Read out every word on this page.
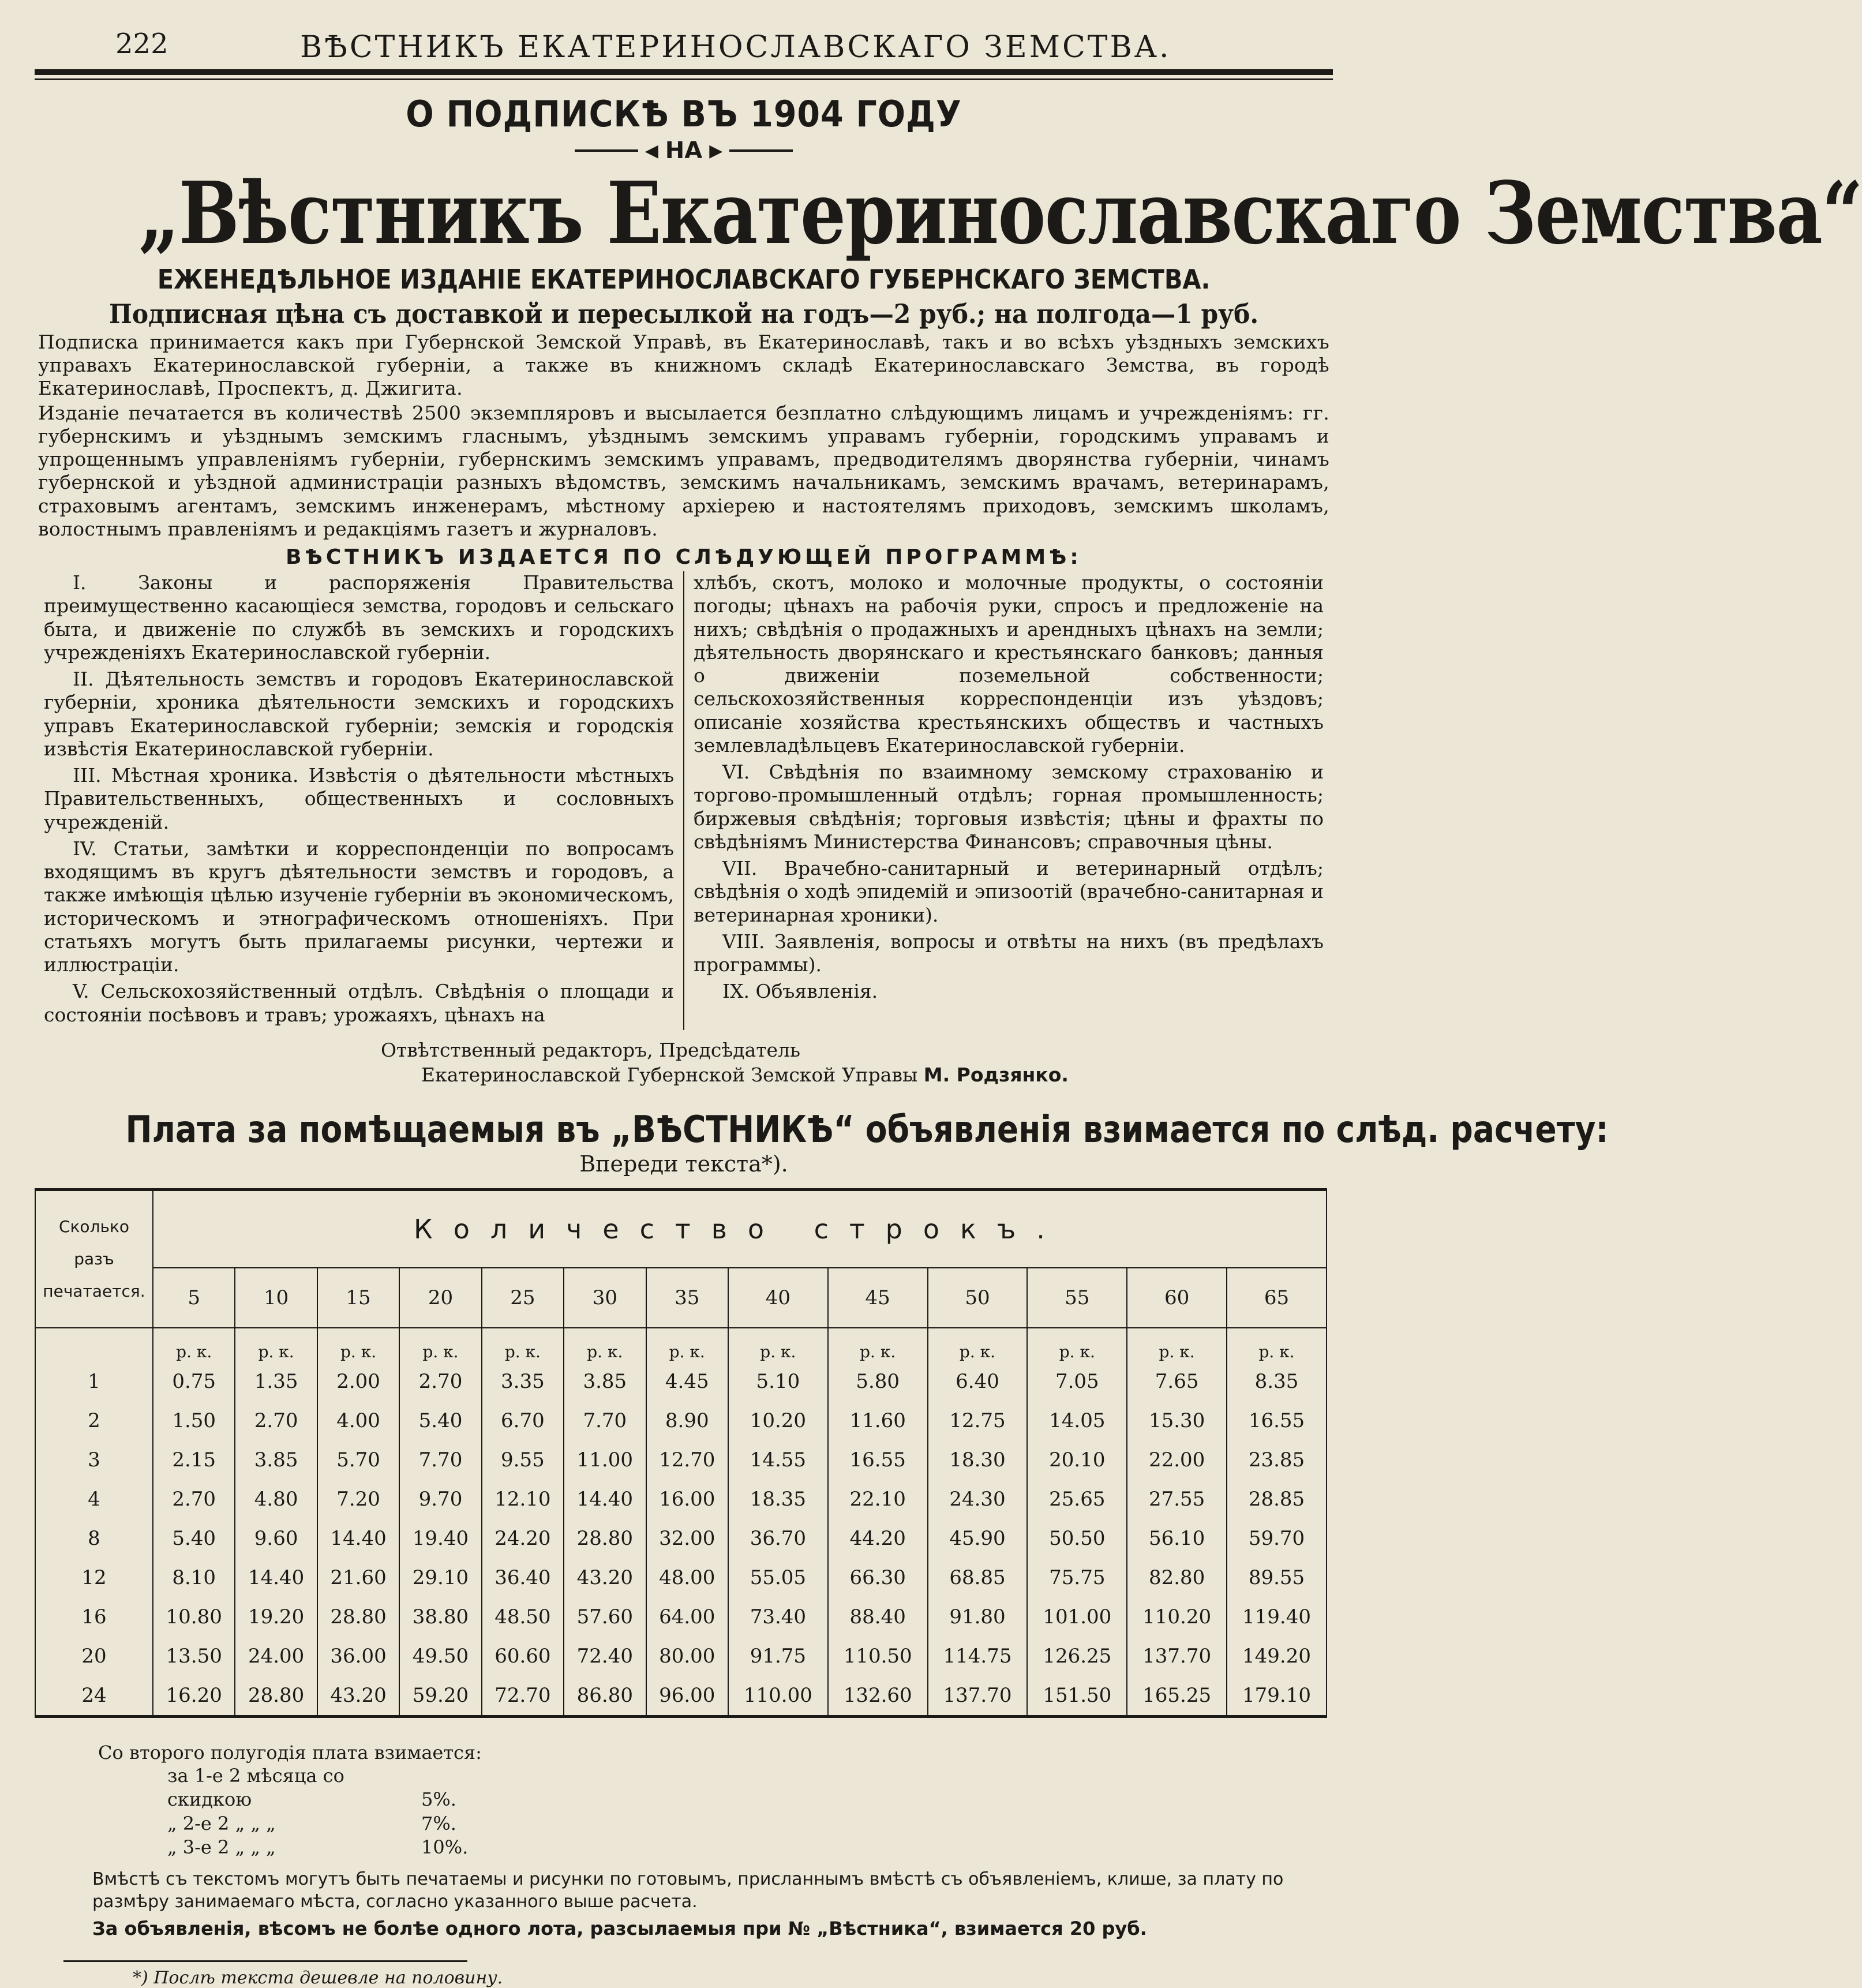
222	ВѢСТНИКЪ ЕКАТЕРИНОСЛАВСКАГО ЗЕМСТВА.
О ПОДПИСКѢ ВЪ 1904 ГОДУ
◀ НА ▶
„Вѣстникъ Екатеринославскаго Земства“
ЕЖЕНЕДѢЛЬНОЕ ИЗДАНІЕ ЕКАТЕРИНОСЛАВСКАГО ГУБЕРНСКАГО ЗЕМСТВА.
Подписная цѣна съ доставкой и пересылкой на годъ—2 руб.; на полгода—1 руб.
Подписка принимается какъ при Губернской Земской Управѣ, въ Екатеринославѣ, такъ и во всѣхъ уѣздныхъ земскихъ управахъ Екатеринославской губерніи, а также въ книжномъ складѣ Екатеринославскаго Земства, въ городѣ Екатеринославѣ, Проспектъ, д. Джигита.
Изданіе печатается въ количествѣ 2500 экземпляровъ и высылается безплатно слѣдующимъ лицамъ и учрежденіямъ: гг. губернскимъ и уѣзднымъ земскимъ гласнымъ, уѣзднымъ земскимъ управамъ губерніи, городскимъ управамъ и упрощеннымъ управленіямъ губерніи, губернскимъ земскимъ управамъ, предводителямъ дворянства губерніи, чинамъ губернской и уѣздной администраціи разныхъ вѣдомствъ, земскимъ начальникамъ, земскимъ врачамъ, ветеринарамъ, страховымъ агентамъ, земскимъ инженерамъ, мѣстному архіерею и настоятелямъ приходовъ, земскимъ школамъ, волостнымъ правленіямъ и редакціямъ газетъ и журналовъ.
ВѢСТНИКЪ ИЗДАЕТСЯ ПО СЛѢДУЮЩЕЙ ПРОГРАММѢ:

I. Законы и распоряженія Правительства преимущественно касающіеся земства, городовъ и сельскаго быта, и движеніе по службѣ въ земскихъ и городскихъ учрежденіяхъ Екатеринославской губерніи.

II. Дѣятельность земствъ и городовъ Екатеринославской губерніи, хроника дѣятельности земскихъ и городскихъ управъ Екатеринославской губерніи; земскія и городскія извѣстія Екатеринославской губерніи.

III. Мѣстная хроника. Извѣстія о дѣятельности мѣстныхъ Правительственныхъ, общественныхъ и сословныхъ учрежденій.

IV. Статьи, замѣтки и корреспонденціи по вопросамъ входящимъ въ кругъ дѣятельности земствъ и городовъ, а также имѣющія цѣлью изученіе губерніи въ экономическомъ, историческомъ и этнографическомъ отношеніяхъ. При статьяхъ могутъ быть прилагаемы рисунки, чертежи и иллюстраціи.

V. Сельскохозяйственный отдѣлъ. Свѣдѣнія о площади и состояніи посѣвовъ и травъ; урожаяхъ, цѣнахъ на

хлѣбъ, скотъ, молоко и молочные продукты, о состояніи погоды; цѣнахъ на рабочія руки, спросъ и предложеніе на нихъ; свѣдѣнія о продажныхъ и арендныхъ цѣнахъ на земли; дѣятельность дворянскаго и крестьянскаго банковъ; данныя о движеніи поземельной собственности; сельскохозяйственныя корреспонденціи изъ уѣздовъ; описаніе хозяйства крестьянскихъ обществъ и частныхъ землевладѣльцевъ Екатеринославской губерніи.

VI. Свѣдѣнія по взаимному земскому страхованію и торгово-промышленный отдѣлъ; горная промышленность; биржевыя свѣдѣнія; торговыя извѣстія; цѣны и фрахты по свѣдѣніямъ Министерства Финансовъ; справочныя цѣны.

VII. Врачебно-санитарный и ветеринарный отдѣлъ; свѣдѣнія о ходѣ эпидемій и эпизоотій (врачебно-санитарная и ветеринарная хроники).

VIII. Заявленія, вопросы и отвѣты на нихъ (въ предѣлахъ программы).

IX. Объявленія.

Отвѣтственный редакторъ, Предсѣдатель
Екатеринославской Губернской Земской Управы М. Родзянко.
Плата за помѣщаемыя въ „ВѢСТНИКѢ“ объявленія взимается по слѣд. расчету:
Впереди текста*).
Сколько разъ печатается.	Количество строкъ.												
	5	10	15	20	25	30	35	40	45	50	55	60	65
	р. к.	р. к.	р. к.	р. к.	р. к.	р. к.	р. к.	р. к.	р. к.	р. к.	р. к.	р. к.	р. к.
1	0.75	1.35	2.00	2.70	3.35	3.85	4.45	5.10	5.80	6.40	7.05	7.65	8.35
2	1.50	2.70	4.00	5.40	6.70	7.70	8.90	10.20	11.60	12.75	14.05	15.30	16.55
3	2.15	3.85	5.70	7.70	9.55	11.00	12.70	14.55	16.55	18.30	20.10	22.00	23.85
4	2.70	4.80	7.20	9.70	12.10	14.40	16.00	18.35	22.10	24.30	25.65	27.55	28.85
8	5.40	9.60	14.40	19.40	24.20	28.80	32.00	36.70	44.20	45.90	50.50	56.10	59.70
12	8.10	14.40	21.60	29.10	36.40	43.20	48.00	55.05	66.30	68.85	75.75	82.80	89.55
16	10.80	19.20	28.80	38.80	48.50	57.60	64.00	73.40	88.40	91.80	101.00	110.20	119.40
20	13.50	24.00	36.00	49.50	60.60	72.40	80.00	91.75	110.50	114.75	126.25	137.70	149.20
24	16.20	28.80	43.20	59.20	72.70	86.80	96.00	110.00	132.60	137.70	151.50	165.25	179.10
Со второго полугодія плата взимается:
за 1-е 2 мѣсяца со скидкою	5%.
„ 2-е 2 „ „ „	7%.
„ 3-е 2 „ „ „	10%.
Вмѣстѣ съ текстомъ могутъ быть печатаемы и рисунки по готовымъ, присланнымъ вмѣстѣ съ объявленіемъ, клише, за плату по размѣру занимаемаго мѣста, согласно указанного выше расчета.
За объявленія, вѣсомъ не болѣе одного лота, разсылаемыя при № „Вѣстника“, взимается 20 руб.
*) Послѣ текста дешевле на половину.
